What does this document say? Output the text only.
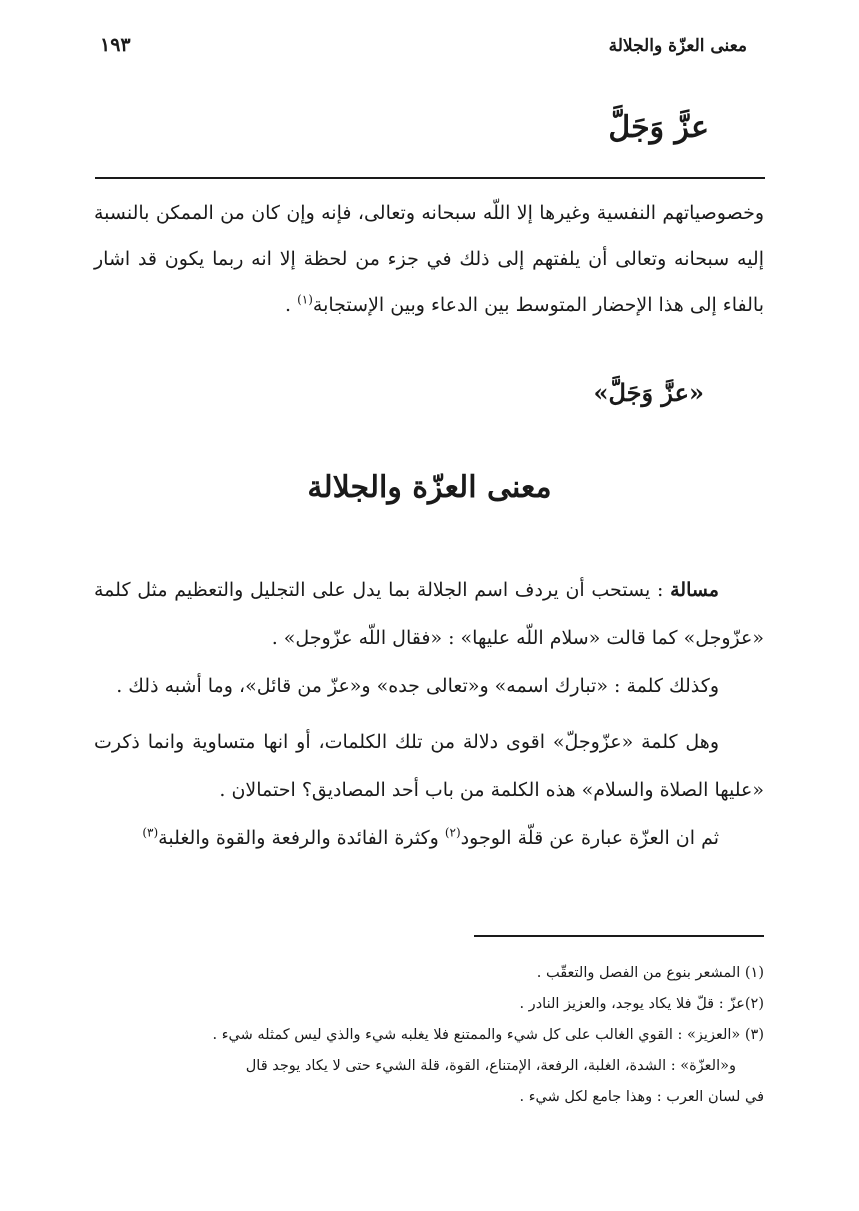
معنى العزّة والجلالة
١٩٣
عزَّ وَجَلَّ
وخصوصياتهم النفسية وغيرها إلا اللّه سبحانه وتعالى، فإنه وإن كان من الممكن بالنسبة إليه سبحانه وتعالى أن يلفتهم إلى ذلك في جزء من لحظة إلا انه ربما يكون قد اشار بالفاء إلى هذا الإحضار المتوسط بين الدعاء وبين الإستجابة$^{(١)}$ .
«عزَّ وَجَلَّ»
معنى العزّة والجلالة

مسالة : يستحب أن يردف اسم الجلالة بما يدل على التجليل والتعظيم مثل كلمة «عزّوجل» كما قالت «سلام اللّه عليها» : «فقال اللّه عزّوجل» .

وكذلك كلمة : «تبارك اسمه» و«تعالى جده» و«عزّ من قائل»، وما أشبه ذلك .

وهل كلمة «عزّوجلّ» اقوى دلالة من تلك الكلمات، أو انها متساوية وانما ذكرت «عليها الصلاة والسلام» هذه الكلمة من باب أحد المصاديق؟ احتمالان .

ثم ان العزّة عبارة عن قلّة الوجود$^{(٢)}$ وكثرة الفائدة والرفعة والقوة والغلبة$^{(٣)}$

(١) المشعر بنوع من الفصل والتعقّب .

(٢)عزّ : قلّ فلا يكاد يوجد، والعزيز النادر .

(٣) «العزيز» : القوي الغالب على كل شيء والممتنع فلا يغلبه شيء والذي ليس كمثله شيء .

و«العزّة» : الشدة، الغلبة، الرفعة، الإمتناع، القوة، قلة الشيء حتى لا يكاد يوجد قال

في لسان العرب : وهذا جامع لكل شيء .
